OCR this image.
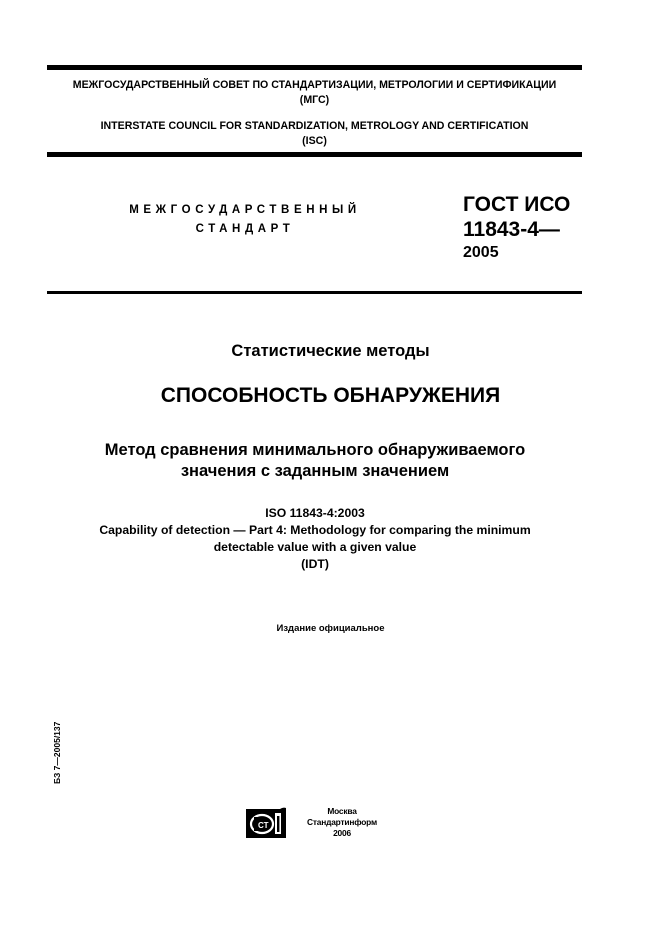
МЕЖГОСУДАРСТВЕННЫЙ СОВЕТ ПО СТАНДАРТИЗАЦИИ, МЕТРОЛОГИИ И СЕРТИФИКАЦИИ
(МГС)
INTERSTATE COUNCIL FOR STANDARDIZATION, METROLOGY AND CERTIFICATION
(ISC)
МЕЖГОСУДАРСТВЕННЫЙ
СТАНДАРТ
ГОСТ ИСО
11843-4—
2005
Статистические методы
СПОСОБНОСТЬ ОБНАРУЖЕНИЯ
Метод сравнения минимального обнаруживаемого
значения с заданным значением
ISO 11843-4:2003
Capability of detection — Part 4: Methodology for comparing the minimum
detectable value with a given value
(IDT)
Издание официальное
БЗ 7—2005/137
СТ
Москва
Стандартинформ
2006
